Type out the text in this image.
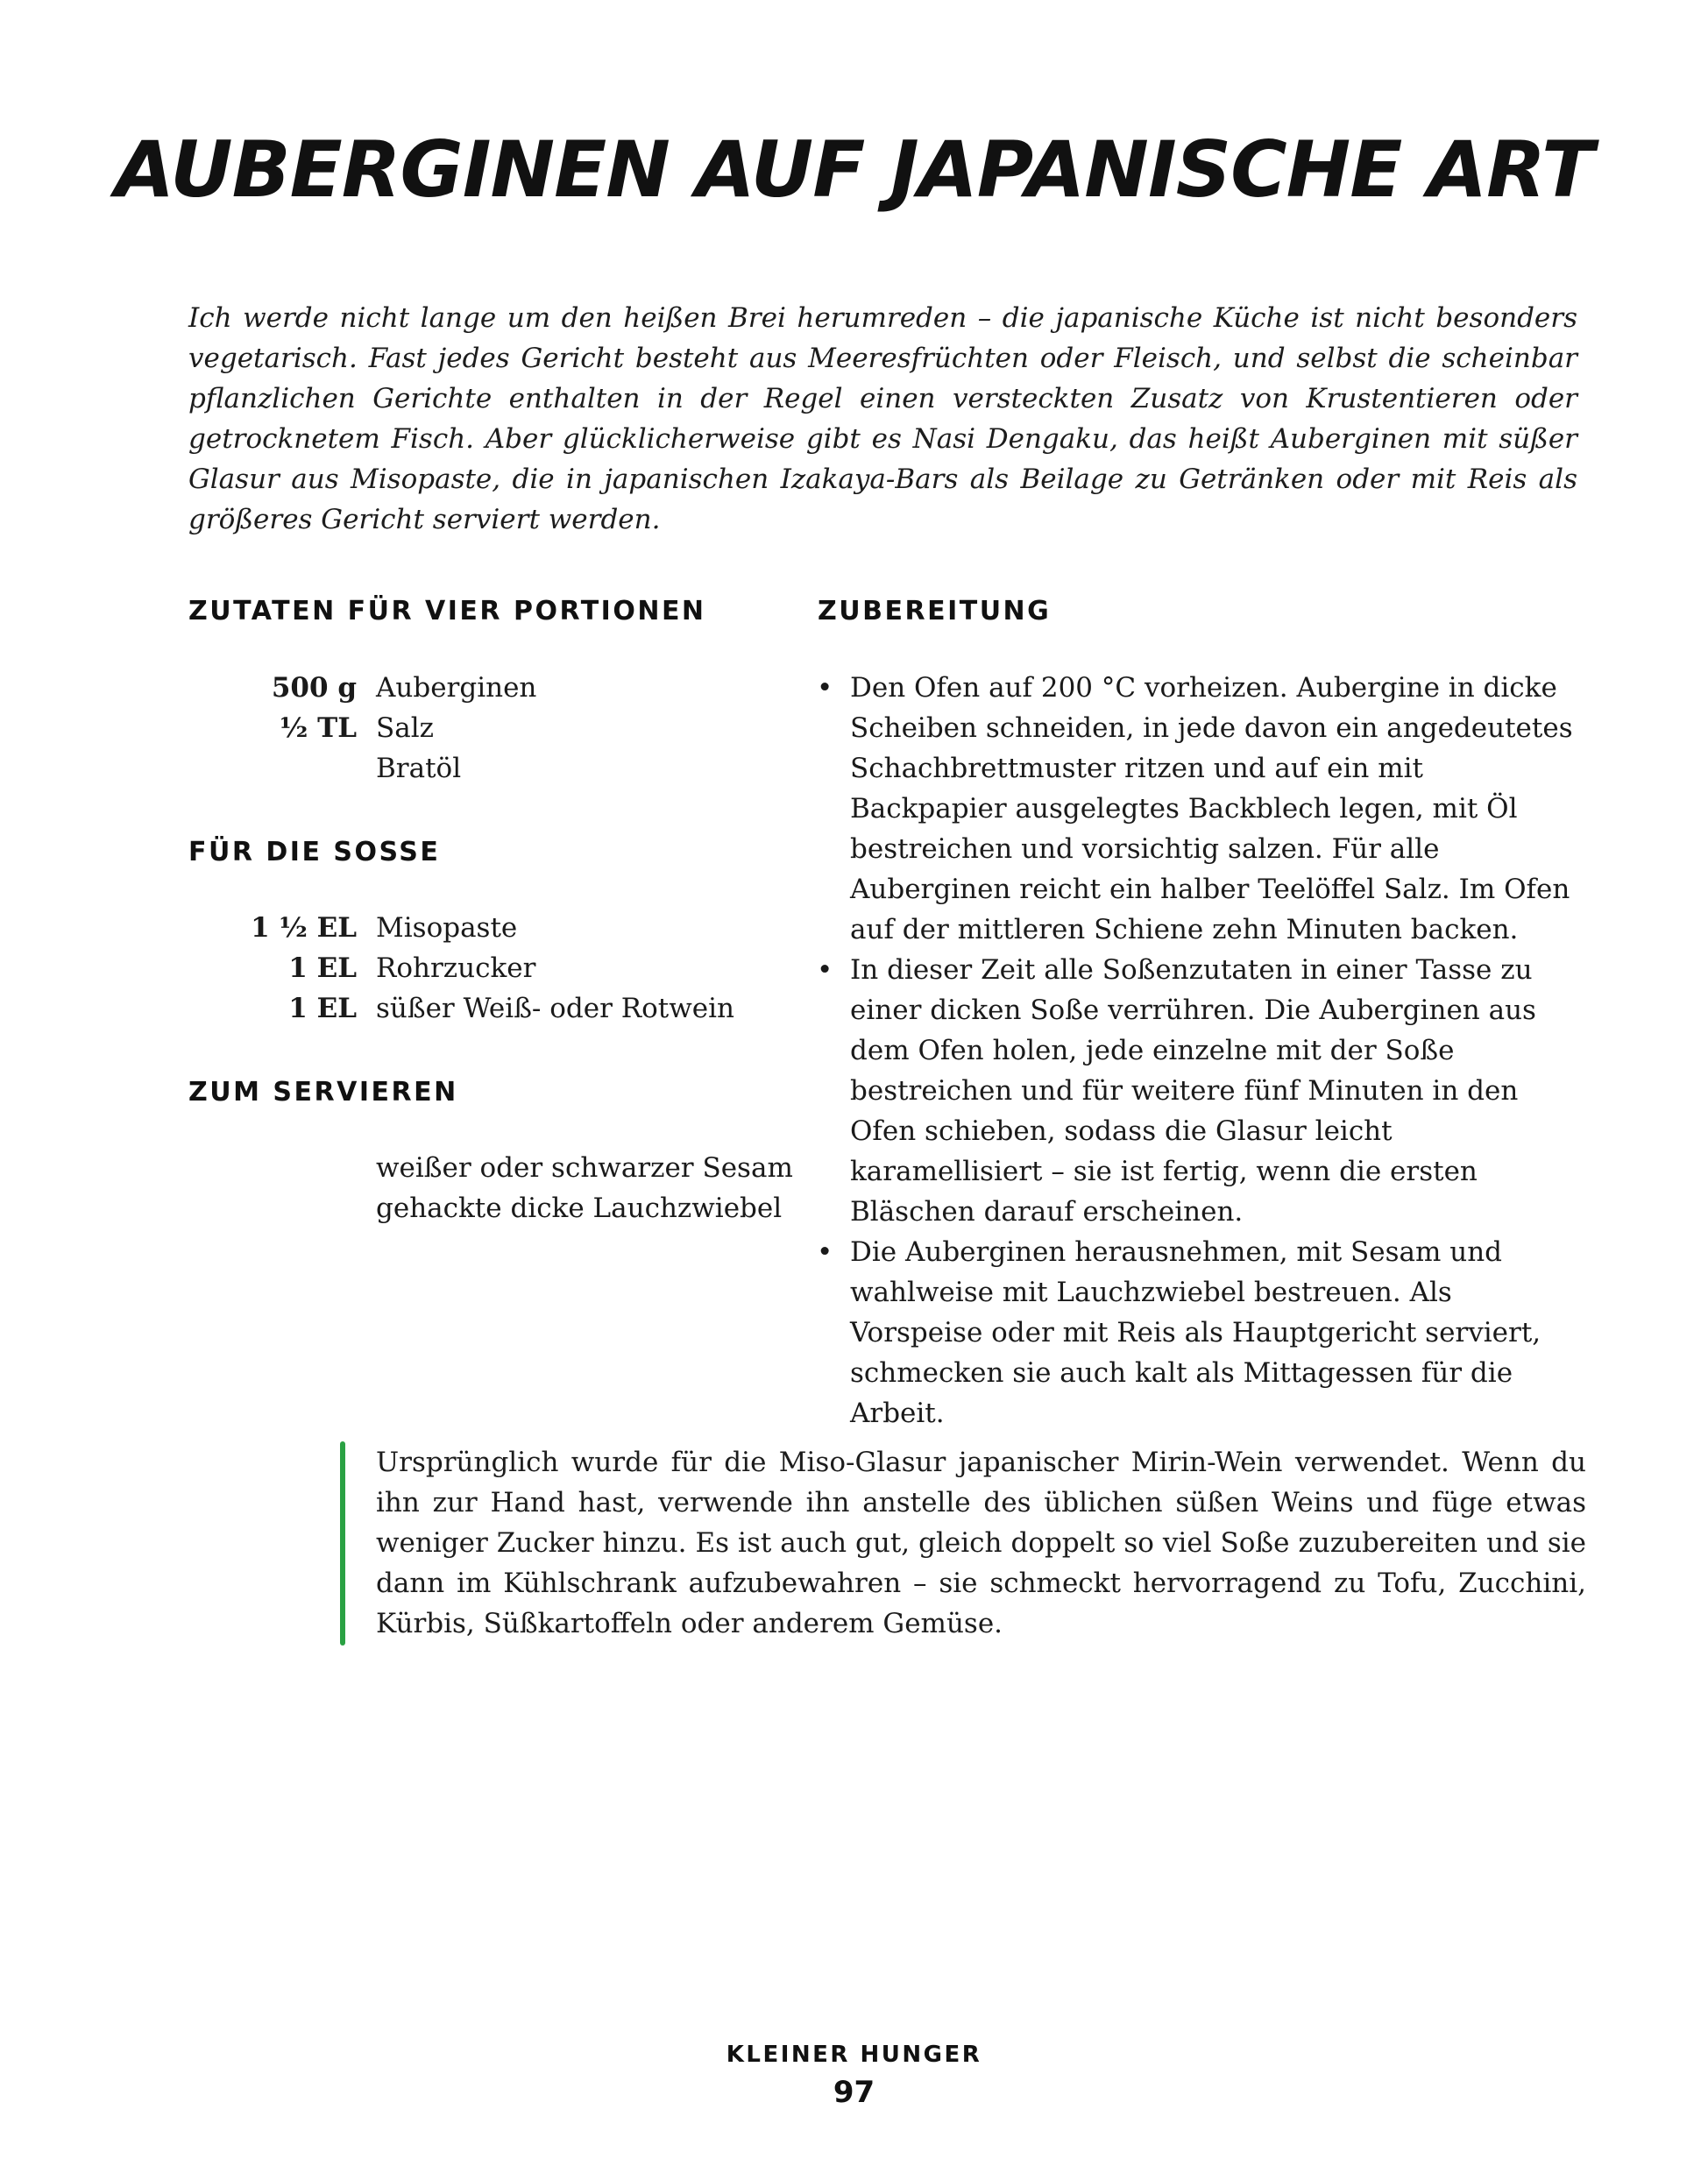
AUBERGINEN AUF JAPANISCHE ART

Ich werde nicht lange um den heißen Brei herumreden – die japanische Küche ist nicht besonders vegetarisch. Fast jedes Gericht besteht aus Meeresfrüchten oder Fleisch, und selbst die scheinbar pflanzlichen Gerichte enthalten in der Regel einen versteckten Zusatz von Krustentieren oder getrocknetem Fisch. Aber glücklicherweise gibt es Nasi Dengaku, das heißt Auberginen mit süßer Glasur aus Misopaste, die in japanischen Izakaya-Bars als Beilage zu Getränken oder mit Reis als größeres Gericht serviert werden.

ZUTATEN FÜR VIER PORTIONEN
500 g Auberginen
½ TL Salz
Bratöl
FÜR DIE SOSSE
1 ½ EL Misopaste
1 EL Rohrzucker
1 EL süßer Weiß- oder Rotwein
ZUM SERVIEREN
weißer oder schwarzer Sesam
gehackte dicke Lauchzwiebel
ZUBEREITUNG
• Den Ofen auf 200 °C vorheizen. Aubergine in dicke Scheiben schneiden, in jede davon ein angedeutetes Schachbrettmuster ritzen und auf ein mit Backpapier ausgelegtes Backblech legen, mit Öl bestreichen und vorsichtig salzen. Für alle Auberginen reicht ein halber Teelöffel Salz. Im Ofen auf der mittleren Schiene zehn Minuten backen.
• In dieser Zeit alle Soßenzutaten in einer Tasse zu einer dicken Soße verrühren. Die Auberginen aus dem Ofen holen, jede einzelne mit der Soße bestreichen und für weitere fünf Minuten in den Ofen schieben, sodass die Glasur leicht karamellisiert – sie ist fertig, wenn die ersten Bläschen darauf erscheinen.
• Die Auberginen herausnehmen, mit Sesam und wahlweise mit Lauchzwiebel bestreuen. Als Vorspeise oder mit Reis als Hauptgericht serviert, schmecken sie auch kalt als Mittagessen für die Arbeit.

Ursprünglich wurde für die Miso-Glasur japanischer Mirin-Wein verwendet. Wenn du ihn zur Hand hast, verwende ihn anstelle des üblichen süßen Weins und füge etwas weniger Zucker hinzu. Es ist auch gut, gleich doppelt so viel Soße zuzubereiten und sie dann im Kühlschrank aufzubewahren – sie schmeckt hervorragend zu Tofu, Zucchini, Kürbis, Süßkartoffeln oder anderem Gemüse.

KLEINER HUNGER
97
